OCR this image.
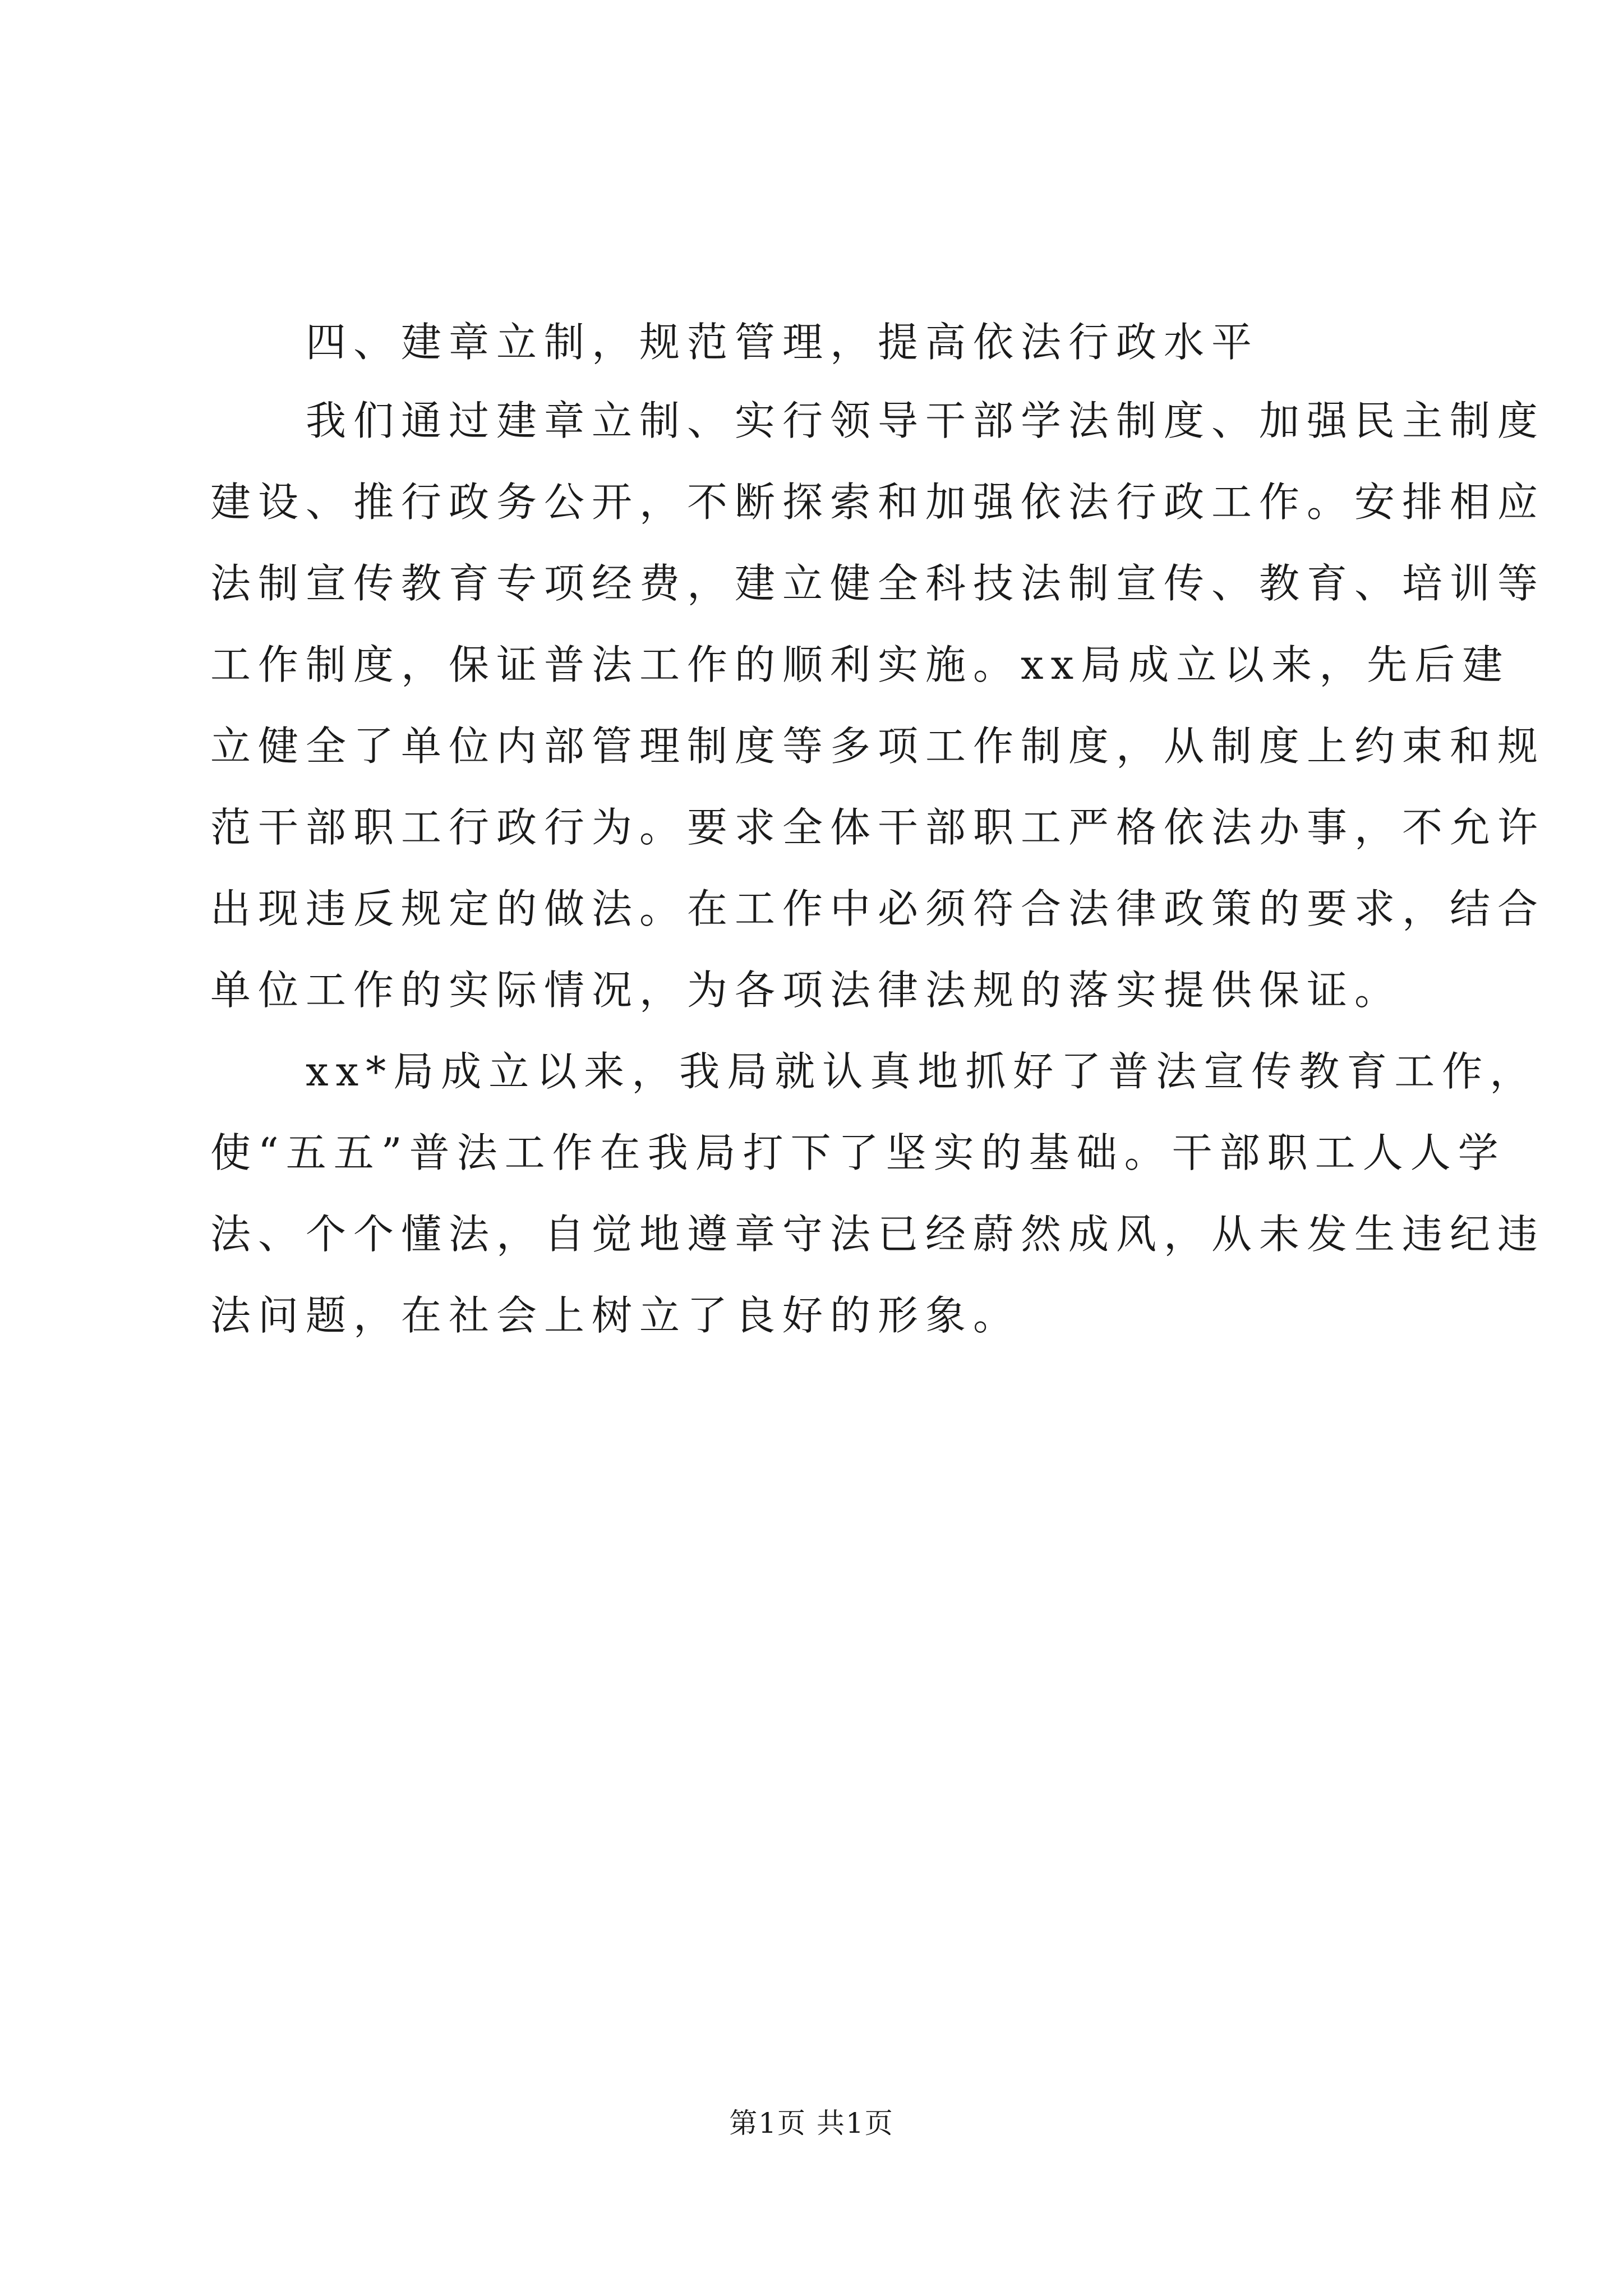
四、建章立制，规范管理，提高依法行政水平
我们通过建章立制、实行领导干部学法制度、加强民主制度
建设、推行政务公开，不断探索和加强依法行政工作。安排相应
法制宣传教育专项经费，建立健全科技法制宣传、教育、培训等
工作制度，保证普法工作的顺利实施。xx局成立以来，先后建
立健全了单位内部管理制度等多项工作制度，从制度上约束和规
范干部职工行政行为。要求全体干部职工严格依法办事，不允许
出现违反规定的做法。在工作中必须符合法律政策的要求，结合
单位工作的实际情况，为各项法律法规的落实提供保证。
xx*局成立以来，我局就认真地抓好了普法宣传教育工作，
使“五五”普法工作在我局打下了坚实的基础。干部职工人人学
法、个个懂法，自觉地遵章守法已经蔚然成风，从未发生违纪违
法问题，在社会上树立了良好的形象。
第1页 共1页
